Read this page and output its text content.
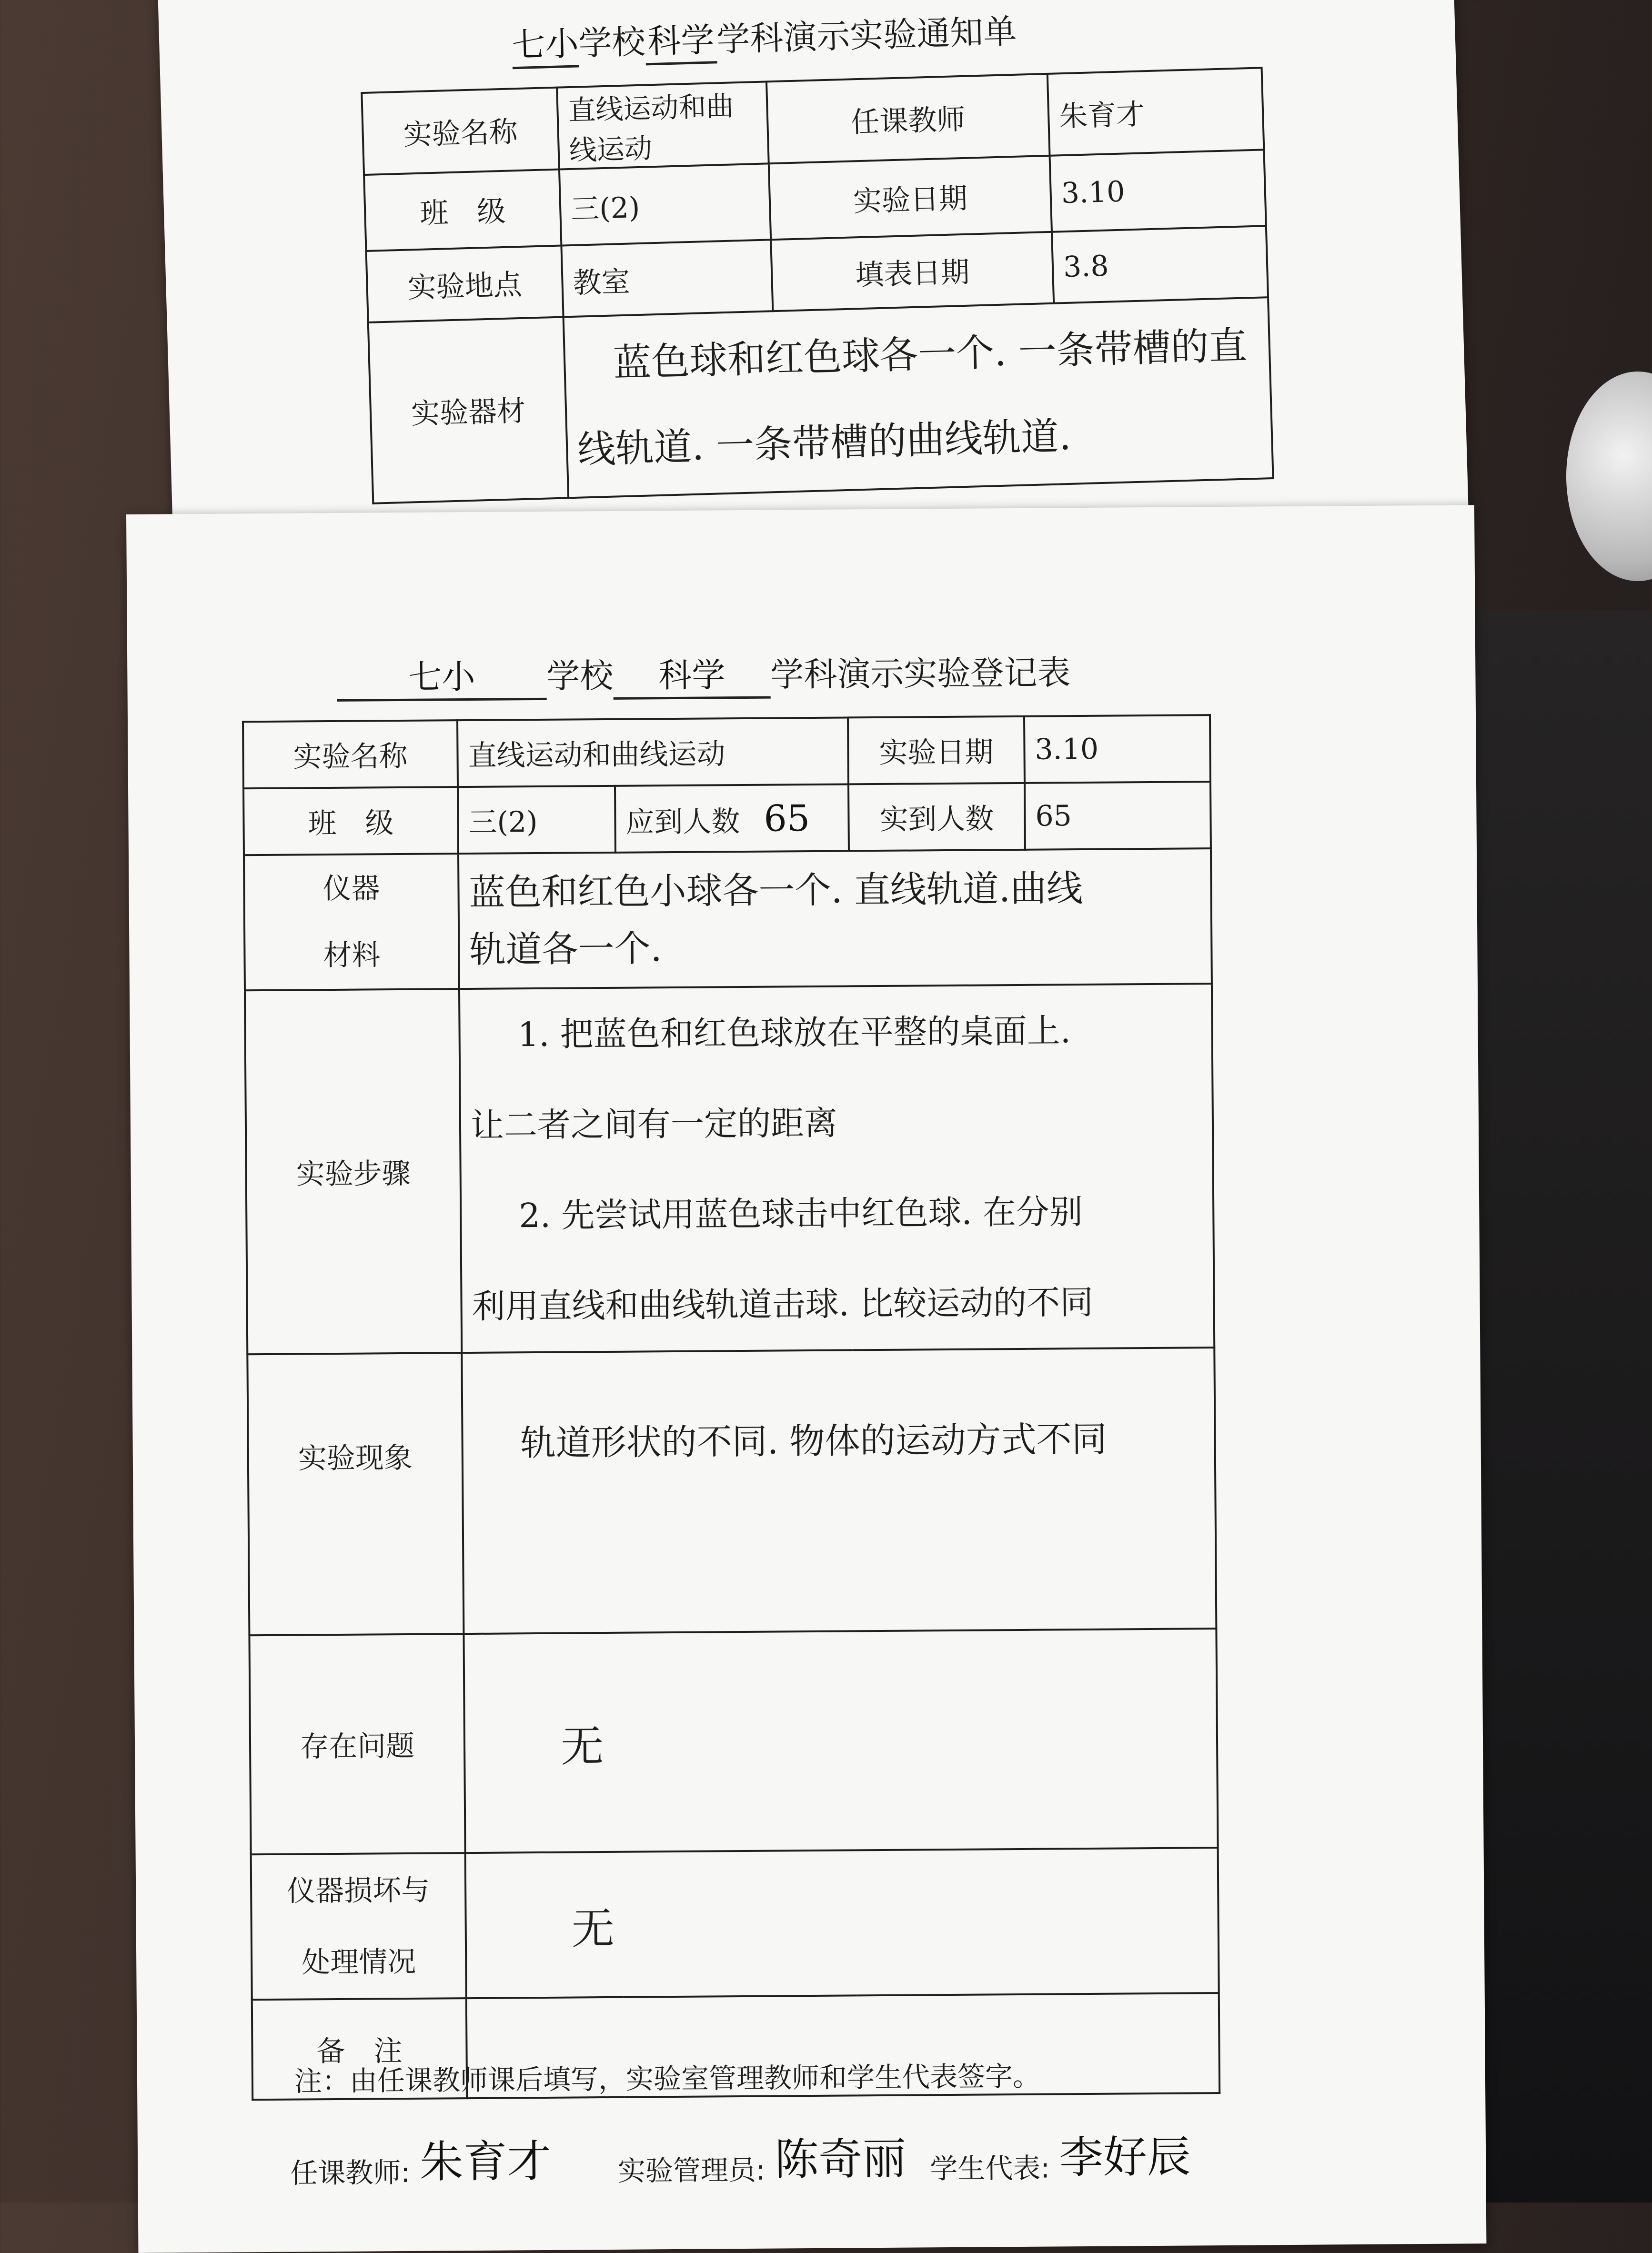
七小学校科学学科演示实验通知单
实验名称	直线运动和曲线运动	任课教师	朱育才
班　级	三(2)	实验日期	3.10
实验地点	教室	填表日期	3.8
实验器材	蓝色球和红色球各一个. 一条带槽的直
线轨道. 一条带槽的曲线轨道.		
七小 学校 科学 学科演示实验登记表
实验名称	直线运动和曲线运动		实验日期	3.10
班　级	三(2)	应到人数 65	实到人数	65

仪器
材料	蓝色和红色小球各一个. 直线轨道.曲线
轨道各一个.			

实验步骤	1. 把蓝色和红色球放在平整的桌面上.
让二者之间有一定的距离
2. 先尝试用蓝色球击中红色球. 在分别
利用直线和曲线轨道击球. 比较运动的不同			

实验现象	轨道形状的不同. 物体的运动方式不同			
存在问题	无			

仪器损坏与
处理情况	无			
备　注				
注：由任课教师课后填写，实验室管理教师和学生代表签字。
任课教师: 朱育才 实验管理员: 陈奇丽 学生代表: 李好辰
